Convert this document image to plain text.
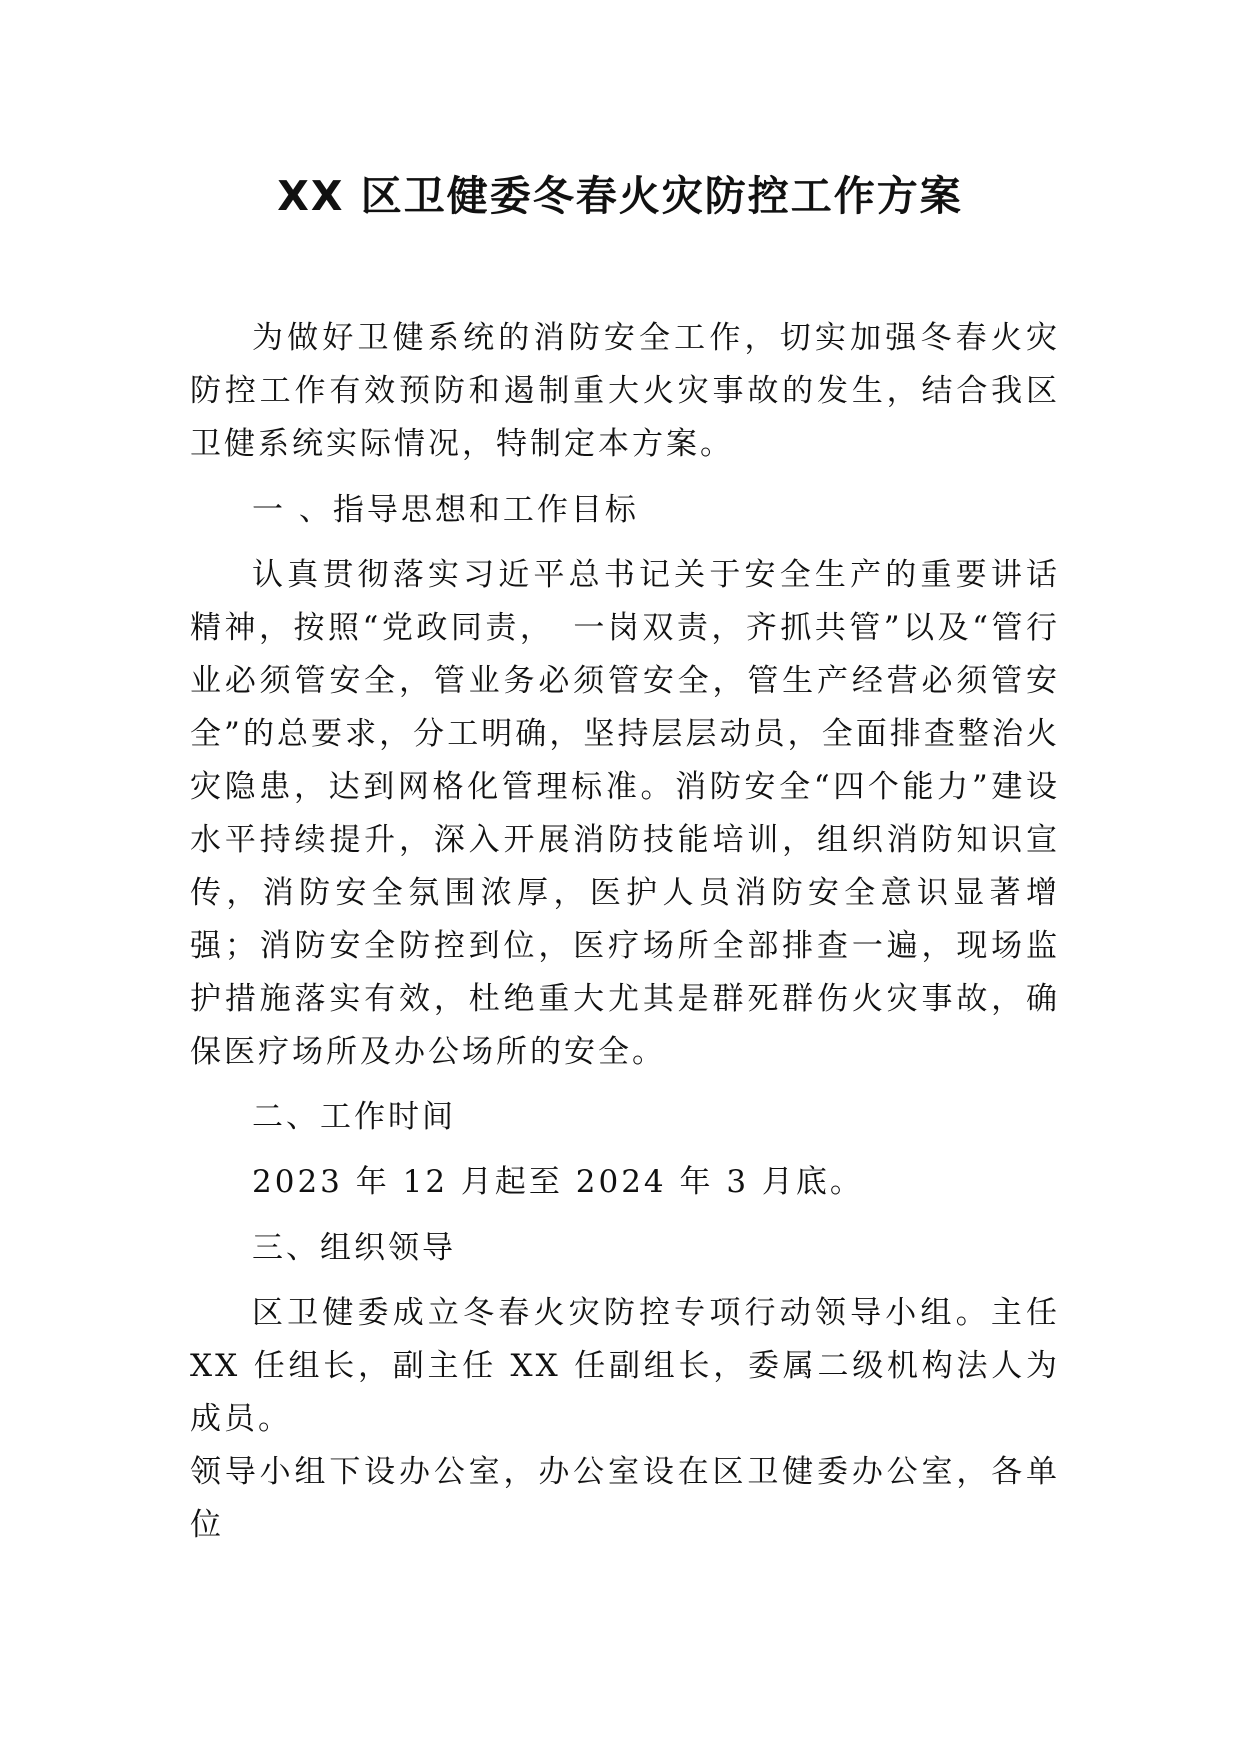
XX 区卫健委冬春火灾防控工作方案

为做好卫健系统的消防安全工作，切实加强冬春火灾防控工作有效预防和遏制重大火灾事故的发生，结合我区卫健系统实际情况，特制定本方案。

一 、指导思想和工作目标

认真贯彻落实习近平总书记关于安全生产的重要讲话精神，按照“党政同责，　一岗双责，齐抓共管”以及“管行业必须管安全，管业务必须管安全，管生产经营必须管安全”的总要求，分工明确，坚持层层动员，全面排查整治火灾隐患，达到网格化管理标准。消防安全“四个能力”建设水平持续提升，深入开展消防技能培训，组织消防知识宣传，消防安全氛围浓厚，医护人员消防安全意识显著增强；消防安全防控到位，医疗场所全部排查一遍，现场监护措施落实有效，杜绝重大尤其是群死群伤火灾事故，确保医疗场所及办公场所的安全。

二、工作时间

2023 年 12 月起至 2024 年 3 月底。

三、组织领导

区卫健委成立冬春火灾防控专项行动领导小组。主任XX 任组长，副主任 XX 任副组长，委属二级机构法人为成员。

领导小组下设办公室，办公室设在区卫健委办公室，各单位
